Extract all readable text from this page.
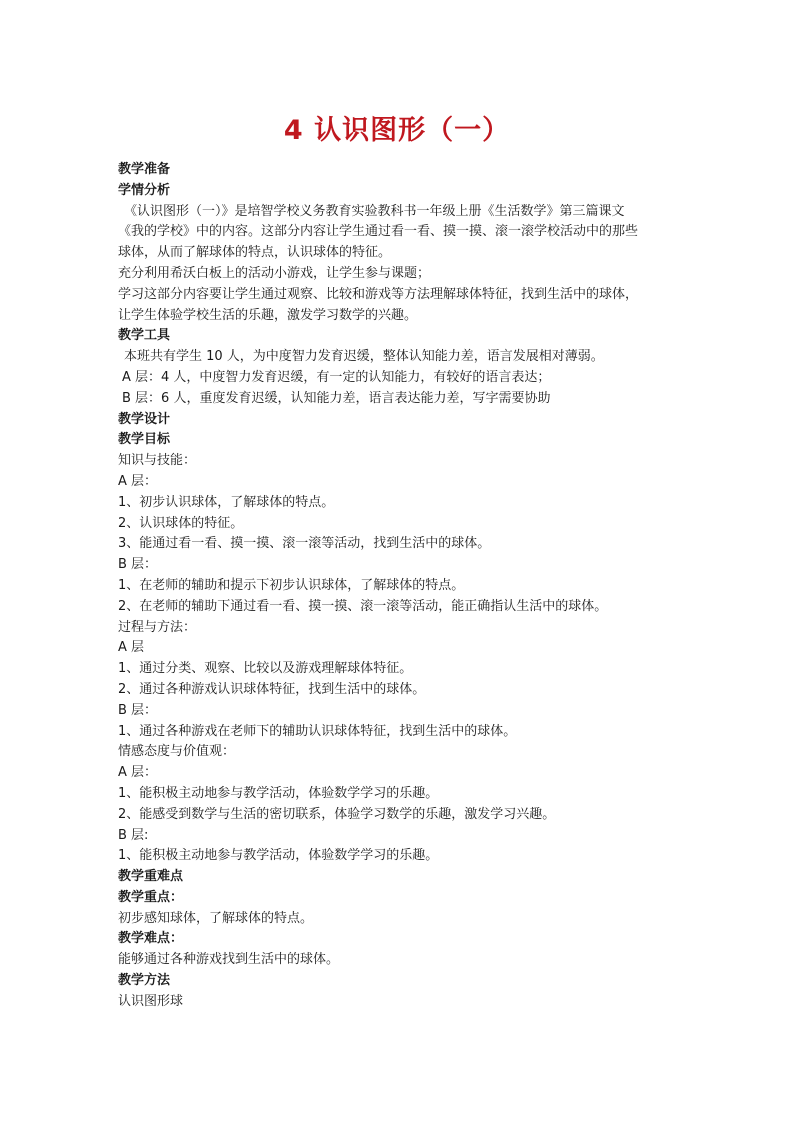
4 认识图形（一）
教学准备
学情分析
《认识图形（一）》是培智学校义务教育实验教科书一年级上册《生活数学》第三篇课文
《我的学校》中的内容。这部分内容让学生通过看一看、摸一摸、滚一滚学校活动中的那些
球体，从而了解球体的特点，认识球体的特征。
充分利用希沃白板上的活动小游戏，让学生参与课题；
学习这部分内容要让学生通过观察、比较和游戏等方法理解球体特征，找到生活中的球体，
让学生体验学校生活的乐趣，激发学习数学的兴趣。
教学工具
本班共有学生 10 人，为中度智力发育迟缓，整体认知能力差，语言发展相对薄弱。
A 层：4 人，中度智力发育迟缓，有一定的认知能力，有较好的语言表达；
B 层：6 人，重度发育迟缓，认知能力差，语言表达能力差，写字需要协助
教学设计
教学目标
知识与技能：
A 层：
1、初步认识球体，了解球体的特点。
2、认识球体的特征。
3、能通过看一看、摸一摸、滚一滚等活动，找到生活中的球体。
B 层：
1、在老师的辅助和提示下初步认识球体，了解球体的特点。
2、在老师的辅助下通过看一看、摸一摸、滚一滚等活动，能正确指认生活中的球体。
过程与方法：
A 层
1、通过分类、观察、比较以及游戏理解球体特征。
2、通过各种游戏认识球体特征，找到生活中的球体。
B 层：
1、通过各种游戏在老师下的辅助认识球体特征，找到生活中的球体。
情感态度与价值观：
A 层：
1、能积极主动地参与教学活动，体验数学学习的乐趣。
2、能感受到数学与生活的密切联系，体验学习数学的乐趣，激发学习兴趣。
B 层:
1、能积极主动地参与教学活动，体验数学学习的乐趣。
教学重难点
教学重点：
初步感知球体，了解球体的特点。
教学难点：
能够通过各种游戏找到生活中的球体。
教学方法
认识图形球
